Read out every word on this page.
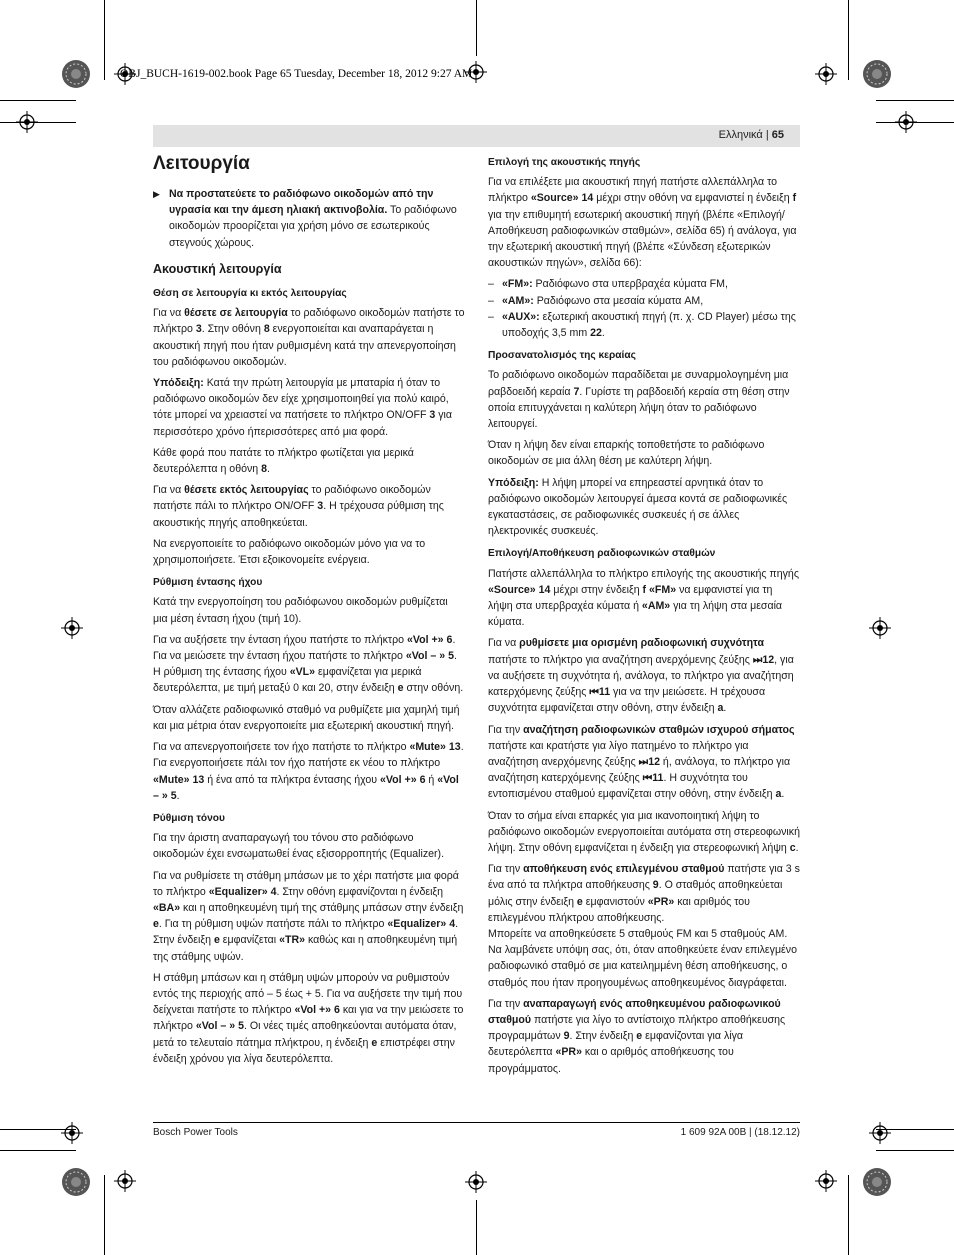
OBJ_BUCH-1619-002.book Page 65 Tuesday, December 18, 2012 9:27 AM
Ελληνικά | 65
Λειτουργία
▶ Να προστατεύετε το ραδιόφωνο οικοδομών από την υγρασία και την άμεση ηλιακή ακτινοβολία. Το ραδιόφωνο οικοδομών προορίζεται για χρήση μόνο σε εσωτερικούς στεγνούς χώρους.
Ακουστική λειτουργία
Θέση σε λειτουργία κι εκτός λειτουργίας

Για να θέσετε σε λειτουργία το ραδιόφωνο οικοδομών πατήστε το πλήκτρο 3. Στην οθόνη 8 ενεργοποιείται και αναπαράγεται η ακουστική πηγή που ήταν ρυθμισμένη κατά την απενεργοποίηση του ραδιόφωνου οικοδομών.

Υπόδειξη: Κατά την πρώτη λειτουργία με μπαταρία ή όταν το ραδιόφωνο οικοδομών δεν είχε χρησιμοποιηθεί για πολύ καιρό, τότε μπορεί να χρειαστεί να πατήσετε το πλήκτρο ON/OFF 3 για περισσότερο χρόνο ήπερισσότερες από μια φορά.

Κάθε φορά που πατάτε το πλήκτρο φωτίζεται για μερικά δευτερόλεπτα η οθόνη 8.

Για να θέσετε εκτός λειτουργίας το ραδιόφωνο οικοδομών πατήστε πάλι το πλήκτρο ON/OFF 3. Η τρέχουσα ρύθμιση της ακουστικής πηγής αποθηκεύεται.

Να ενεργοποιείτε το ραδιόφωνο οικοδομών μόνο για να το χρησιμοποιήσετε. Έτσι εξοικονομείτε ενέργεια.

Ρύθμιση έντασης ήχου

Κατά την ενεργοποίηση του ραδιόφωνου οικοδομών ρυθμίζεται μια μέση ένταση ήχου (τιμή 10).

Για να αυξήσετε την ένταση ήχου πατήστε το πλήκτρο «Vol +» 6. Για να μειώσετε την ένταση ήχου πατήστε το πλήκτρο «Vol – » 5. Η ρύθμιση της έντασης ήχου «VL» εμφανίζεται για μερικά δευτερόλεπτα, με τιμή μεταξύ 0 και 20, στην ένδειξη e στην οθόνη.

Όταν αλλάζετε ραδιοφωνικό σταθμό να ρυθμίζετε μια χαμηλή τιμή και μια μέτρια όταν ενεργοποιείτε μια εξωτερική ακουστική πηγή.

Για να απενεργοποιήσετε τον ήχο πατήστε το πλήκτρο «Mute» 13. Για ενεργοποιήσετε πάλι τον ήχο πατήστε εκ νέου το πλήκτρο «Mute» 13 ή ένα από τα πλήκτρα έντασης ήχου «Vol +» 6 ή «Vol – » 5.

Ρύθμιση τόνου

Για την άριστη αναπαραγωγή του τόνου στο ραδιόφωνο οικοδομών έχει ενσωματωθεί ένας εξισορροπητής (Equalizer).

Για να ρυθμίσετε τη στάθμη μπάσων με το χέρι πατήστε μια φορά το πλήκτρο «Equalizer» 4. Στην οθόνη εμφανίζονται η ένδειξη «BA» και η αποθηκευμένη τιμή της στάθμης μπάσων στην ένδειξη e. Για τη ρύθμιση υψών πατήστε πάλι το πλήκτρο «Equalizer» 4. Στην ένδειξη e εμφανίζεται «TR» καθώς και η αποθηκευμένη τιμή της στάθμης υψών.

Η στάθμη μπάσων και η στάθμη υψών μπορούν να ρυθμιστούν εντός της περιοχής από – 5 έως + 5. Για να αυξήσετε την τιμή που δείχνεται πατήστε το πλήκτρο «Vol +» 6 και για να την μειώσετε το πλήκτρο «Vol – » 5. Οι νέες τιμές αποθηκεύονται αυτόματα όταν, μετά το τελευταίο πάτημα πλήκτρου, η ένδειξη e επιστρέφει στην ένδειξη χρόνου για λίγα δευτερόλεπτα.

Επιλογή της ακουστικής πηγής

Για να επιλέξετε μια ακουστική πηγή πατήστε αλλεπάλληλα το πλήκτρο «Source» 14 μέχρι στην οθόνη να εμφανιστεί η ένδειξη f για την επιθυμητή εσωτερική ακουστική πηγή (βλέπε «Επιλογή/Αποθήκευση ραδιοφωνικών σταθμών», σελίδα 65) ή ανάλογα, για την εξωτερική ακουστική πηγή (βλέπε «Σύνδεση εξωτερικών ακουστικών πηγών», σελίδα 66):

– «FM»: Ραδιόφωνο στα υπερβραχέα κύματα FM,
– «AM»: Ραδιόφωνο στα μεσαία κύματα AM,
– «AUX»: εξωτερική ακουστική πηγή (π. χ. CD Player) μέσω της υποδοχής 3,5 mm 22.
Προσανατολισμός της κεραίας

Το ραδιόφωνο οικοδομών παραδίδεται με συναρμολογημένη μια ραβδοειδή κεραία 7. Γυρίστε τη ραβδοειδή κεραία στη θέση στην οποία επιτυγχάνεται η καλύτερη λήψη όταν το ραδιόφωνο λειτουργεί.

Όταν η λήψη δεν είναι επαρκής τοποθετήστε το ραδιόφωνο οικοδομών σε μια άλλη θέση με καλύτερη λήψη.

Υπόδειξη: Η λήψη μπορεί να επηρεαστεί αρνητικά όταν το ραδιόφωνο οικοδομών λειτουργεί άμεσα κοντά σε ραδιοφωνικές εγκαταστάσεις, σε ραδιοφωνικές συσκευές ή σε άλλες ηλεκτρονικές συσκευές.

Επιλογή/Αποθήκευση ραδιοφωνικών σταθμών

Πατήστε αλλεπάλληλα το πλήκτρο επιλογής της ακουστικής πηγής «Source» 14 μέχρι στην ένδειξη f «FM» να εμφανιστεί για τη λήψη στα υπερβραχέα κύματα ή «AM» για τη λήψη στα μεσαία κύματα.

Για να ρυθμίσετε μια ορισμένη ραδιοφωνική συχνότητα πατήστε το πλήκτρο για αναζήτηση ανερχόμενης ζεύξης ⏭12, για να αυξήσετε τη συχνότητα ή, ανάλογα, το πλήκτρο για αναζήτηση κατερχόμενης ζεύξης ⏮11 για να την μειώσετε. Η τρέχουσα συχνότητα εμφανίζεται στην οθόνη, στην ένδειξη a.

Για την αναζήτηση ραδιοφωνικών σταθμών ισχυρού σήματος πατήστε και κρατήστε για λίγο πατημένο το πλήκτρο για αναζήτηση ανερχόμενης ζεύξης ⏭12 ή, ανάλογα, το πλήκτρο για αναζήτηση κατερχόμενης ζεύξης ⏮11. Η συχνότητα του εντοπισμένου σταθμού εμφανίζεται στην οθόνη, στην ένδειξη a.

Όταν το σήμα είναι επαρκές για μια ικανοποιητική λήψη το ραδιόφωνο οικοδομών ενεργοποιείται αυτόματα στη στερεοφωνική λήψη. Στην οθόνη εμφανίζεται η ένδειξη για στερεοφωνική λήψη c.

Για την αποθήκευση ενός επιλεγμένου σταθμού πατήστε για 3 s ένα από τα πλήκτρα αποθήκευσης 9. Ο σταθμός αποθηκεύεται μόλις στην ένδειξη e εμφανιστούν «PR» και αριθμός του επιλεγμένου πλήκτρου αποθήκευσης.

Μπορείτε να αποθηκεύσετε 5 σταθμούς FM και 5 σταθμούς AM. Να λαμβάνετε υπόψη σας, ότι, όταν αποθηκεύετε έναν επιλεγμένο ραδιοφωνικό σταθμό σε μια κατειλημμένη θέση αποθήκευσης, ο σταθμός που ήταν προηγουμένως αποθηκευμένος διαγράφεται.

Για την αναπαραγωγή ενός αποθηκευμένου ραδιοφωνικού σταθμού πατήστε για λίγο το αντίστοιχο πλήκτρο αποθήκευσης προγραμμάτων 9. Στην ένδειξη e εμφανίζονται για λίγα δευτερόλεπτα «PR» και ο αριθμός αποθήκευσης του προγράμματος.

Bosch Power Tools	1 609 92A 00B | (18.12.12)
